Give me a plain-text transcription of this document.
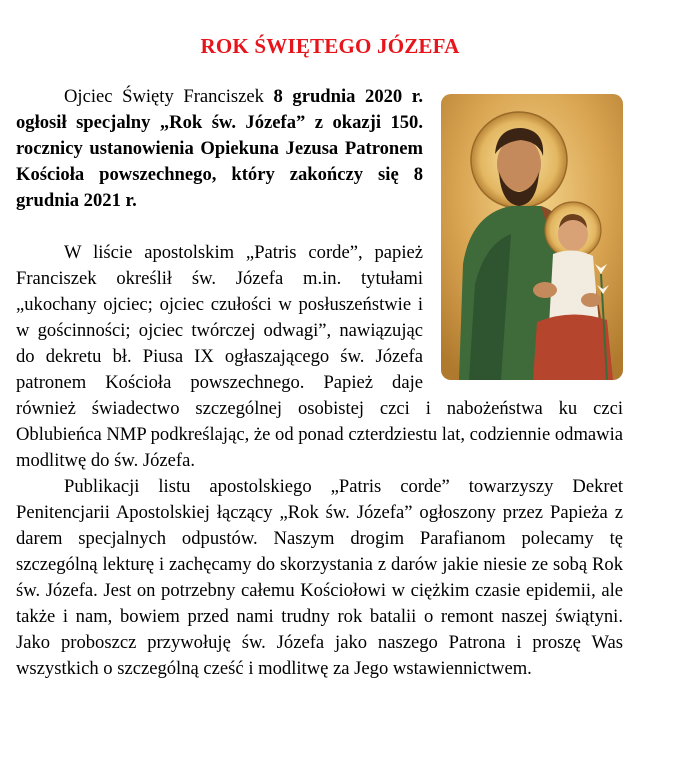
ROK ŚWIĘTEGO JÓZEFA

Ojciec Święty Franciszek 8 grudnia 2020 r. ogłosił specjalny „Rok św. Józefa” z okazji 150. rocznicy ustanowienia Opiekuna Jezusa Patronem Kościoła powszechnego, który zakończy się 8 grudnia 2021 r.

W liście apostolskim „Patris corde”, papież Franciszek określił św. Józefa m.in. tytułami „ukochany ojciec; ojciec czułości w posłuszeństwie i w gościnności; ojciec twórczej odwagi”, nawiązując do dekretu bł. Piusa IX ogłaszającego św. Józefa patronem Kościoła powszechnego. Papież daje również świadectwo szczególnej osobistej czci i nabożeństwa ku czci Oblubieńca NMP podkreślając, że od ponad czterdziestu lat, codziennie odmawia modlitwę do św. Józefa.

Publikacji listu apostolskiego „Patris corde” towarzyszy Dekret Penitencjarii Apostolskiej łączący „Rok św. Józefa” ogłoszony przez Papieża z darem specjalnych odpustów. Naszym drogim Parafianom polecamy tę szczególną lekturę i zachęcamy do skorzystania z darów jakie niesie ze sobą Rok św. Józefa. Jest on potrzebny całemu Kościołowi w ciężkim czasie epidemii, ale także i nam, bowiem przed nami trudny rok batalii o remont naszej świątyni. Jako proboszcz przywołuję św. Józefa jako naszego Patrona i proszę Was wszystkich o szczególną cześć i modlitwę za Jego wstawiennictwem.
